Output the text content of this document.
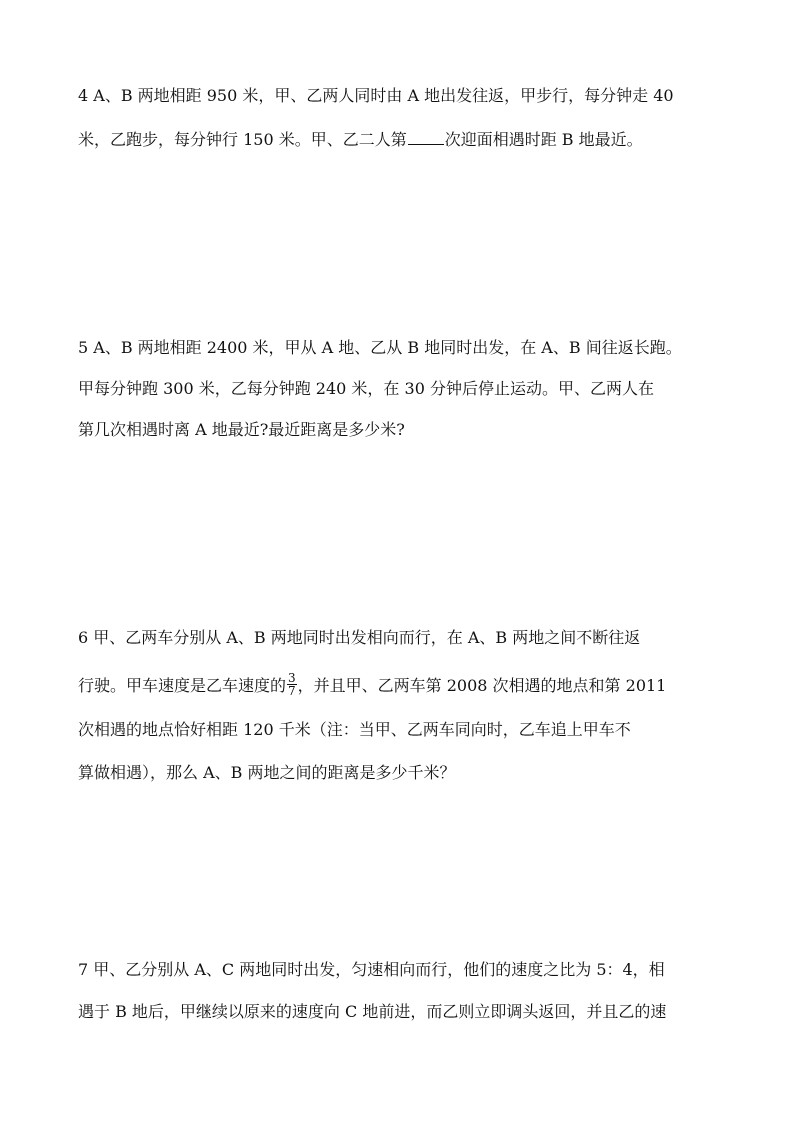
4 A、B 两地相距 950 米，甲、乙两人同时由 A 地出发往返，甲步行，每分钟走 40
米，乙跑步，每分钟行 150 米。甲、乙二人第 次迎面相遇时距 B 地最近。
5 A、B 两地相距 2400 米，甲从 A 地、乙从 B 地同时出发，在 A、B 间往返长跑。
甲每分钟跑 300 米，乙每分钟跑 240 米，在 30 分钟后停止运动。甲、乙两人在
第几次相遇时离 A 地最近?最近距离是多少米?
6 甲、乙两车分别从 A、B 两地同时出发相向而行，在 A、B 两地之间不断往返
行驶。甲车速度是乙车速度的 $\frac{3}{7}$ ，并且甲、乙两车第 2008 次相遇的地点和第 2011
次相遇的地点恰好相距 120 千米（注：当甲、乙两车同向时，乙车追上甲车不
算做相遇），那么 A、B 两地之间的距离是多少千米？
7 甲、乙分别从 A、C 两地同时出发，匀速相向而行，他们的速度之比为 5：4，相
遇于 B 地后，甲继续以原来的速度向 C 地前进，而乙则立即调头返回，并且乙的速
